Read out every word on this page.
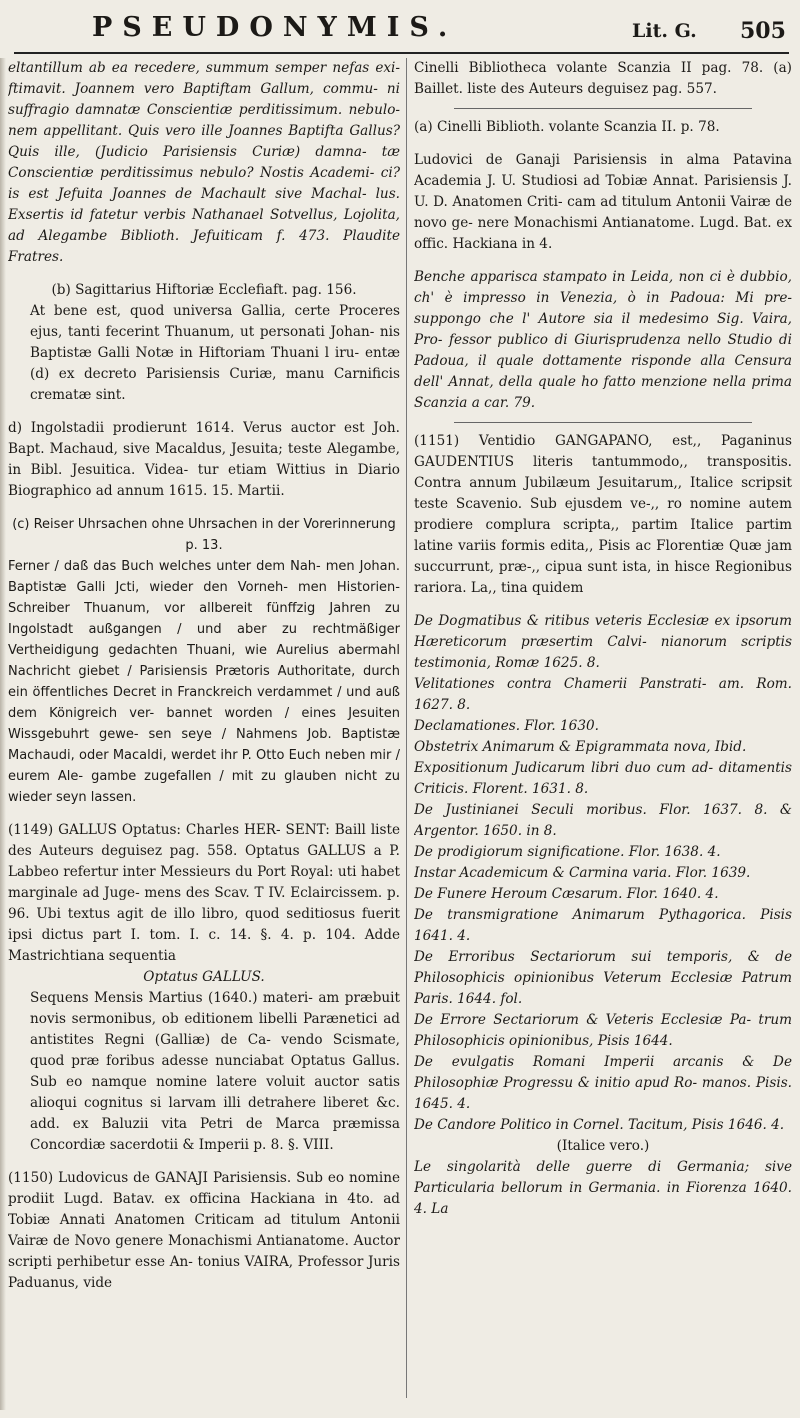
PSEUDONYMIS.	Lit. G. 505

eltantillum ab ea recedere, summum semper nefas exi- ftimavit. Joannem vero Baptiftam Gallum, commu- ni suffragio damnatæ Conscientiæ perditissimum. nebulo- nem appellitant. Quis vero ille Joannes Baptifta Gallus? Quis ille, (Judicio Parisiensis Curiæ) damna- tæ Conscientiæ perditissimus nebulo? Nostis Academi- ci? is est Jefuita Joannes de Machault sive Machal- lus. Exsertis id fatetur verbis Nathanael Sotvellus, Lojolita, ad Alegambe Biblioth. Jefuiticam f. 473. Plaudite Fratres.

(b) Sagittarius Hiftoriæ Ecclefiaft. pag. 156.

At bene est, quod universa Gallia, certe Proceres ejus, tanti fecerint Thuanum, ut personati Johan- nis Baptistæ Galli Notæ in Hiftoriam Thuani l iru- entæ (d) ex decreto Parisiensis Curiæ, manu Carnificis crematæ sint.

d) Ingolstadii prodierunt 1614. Verus auctor est Joh. Bapt. Machaud, sive Macaldus, Jesuita; teste Alegambe, in Bibl. Jesuitica. Videa- tur etiam Wittius in Diario Biographico ad annum 1615. 15. Martii.

(c) Reiser Uhrsachen ohne Uhrsachen in der Vorerinnerung p. 13.

Ferner / daß das Buch welches unter dem Nah- men Johan. Baptistæ Galli Jcti, wieder den Vorneh- men Historien-Schreiber Thuanum, vor allbereit fünffzig Jahren zu Ingolstadt außgangen / und aber zu rechtmäßiger Vertheidigung gedachten Thuani, wie Aurelius abermahl Nachricht giebet / Parisiensis Prætoris Authoritate, durch ein öffentliches Decret in Franckreich verdammet / und auß dem Königreich ver- bannet worden / eines Jesuiten Wissgebuhrt gewe- sen seye / Nahmens Job. Baptistæ Machaudi, oder Macaldi, werdet ihr P. Otto Euch neben mir / eurem Ale- gambe zugefallen / mit zu glauben nicht zu wieder seyn lassen.

(1149) GALLUS Optatus: Charles HER- SENT: Baill liste des Auteurs deguisez pag. 558. Optatus GALLUS a P. Labbeo refertur inter Messieurs du Port Royal: uti habet marginale ad Juge- mens des Scav. T IV. Eclaircissem. p. 96. Ubi textus agit de illo libro, quod seditiosus fuerit ipsi dictus part I. tom. I. c. 14. §. 4. p. 104. Adde Mastrichtiana sequentia

Optatus GALLUS.

Sequens Mensis Martius (1640.) materi- am præbuit novis sermonibus, ob editionem libelli Parænetici ad antistites Regni (Galliæ) de Ca- vendo Scismate, quod præ foribus adesse nunciabat Optatus Gallus. Sub eo namque nomine latere voluit auctor satis alioqui cognitus si larvam illi detrahere liberet &c. add. ex Baluzii vita Petri de Marca præmissa Concordiæ sacerdotii & Imperii p. 8. §. VIII.

(1150) Ludovicus de GANAJI Parisiensis. Sub eo nomine prodiit Lugd. Batav. ex officina Hackiana in 4to. ad Tobiæ Annati Anatomen Criticam ad titulum Antonii Vairæ de Novo genere Monachismi Antianatome. Auctor scripti perhibetur esse An- tonius VAIRA, Professor Juris Paduanus, vide

Cinelli Bibliotheca volante Scanzia II pag. 78. (a) Baillet. liste des Auteurs deguisez pag. 557.

(a) Cinelli Biblioth. volante Scanzia II. p. 78.

Ludovici de Ganaji Parisiensis in alma Patavina Academia J. U. Studiosi ad Tobiæ Annat. Parisiensis J. U. D. Anatomen Criti- cam ad titulum Antonii Vairæ de novo ge- nere Monachismi Antianatome. Lugd. Bat. ex offic. Hackiana in 4.

Benche apparisca stampato in Leida, non ci è dubbio, ch' è impresso in Venezia, ò in Padoua: Mi pre- suppongo che l' Autore sia il medesimo Sig. Vaira, Pro- fessor publico di Giurisprudenza nello Studio di Padoua, il quale dottamente risponde alla Censura dell' Annat, della quale ho fatto menzione nella prima Scanzia a car. 79.

(1151) Ventidio GANGAPANO, est,, Paganinus GAUDENTIUS literis tantummodo,, transpositis. Contra annum Jubilæum Jesuitarum,, Italice scripsit teste Scavenio. Sub ejusdem ve-,, ro nomine autem prodiere complura scripta,, partim Italice partim latine variis formis edita,, Pisis ac Florentiæ Quæ jam succurrunt, præ-,, cipua sunt ista, in hisce Regionibus rariora. La,, tina quidem

De Dogmatibus & ritibus veteris Ecclesiæ ex ipsorum Hæreticorum præsertim Calvi- nianorum scriptis testimonia, Romæ 1625. 8.

Velitationes contra Chamerii Panstrati- am. Rom. 1627. 8.

Declamationes. Flor. 1630.

Obstetrix Animarum & Epigrammata nova, Ibid.

Expositionum Judicarum libri duo cum ad- ditamentis Criticis. Florent. 1631. 8.

De Justinianei Seculi moribus. Flor. 1637. 8. & Argentor. 1650. in 8.

De prodigiorum significatione. Flor. 1638. 4.

Instar Academicum & Carmina varia. Flor. 1639.

De Funere Heroum Cæsarum. Flor. 1640. 4.

De transmigratione Animarum Pythagorica. Pisis 1641. 4.

De Erroribus Sectariorum sui temporis, & de Philosophicis opinionibus Veterum Ecclesiæ Patrum Paris. 1644. fol.

De Errore Sectariorum & Veteris Ecclesiæ Pa- trum Philosophicis opinionibus, Pisis 1644.

De evulgatis Romani Imperii arcanis & De Philosophiæ Progressu & initio apud Ro- manos. Pisis. 1645. 4.

De Candore Politico in Cornel. Tacitum, Pisis 1646. 4.

(Italice vero.)

Le singolarità delle guerre di Germania; sive Particularia bellorum in Germania. in Fiorenza 1640. 4. La
